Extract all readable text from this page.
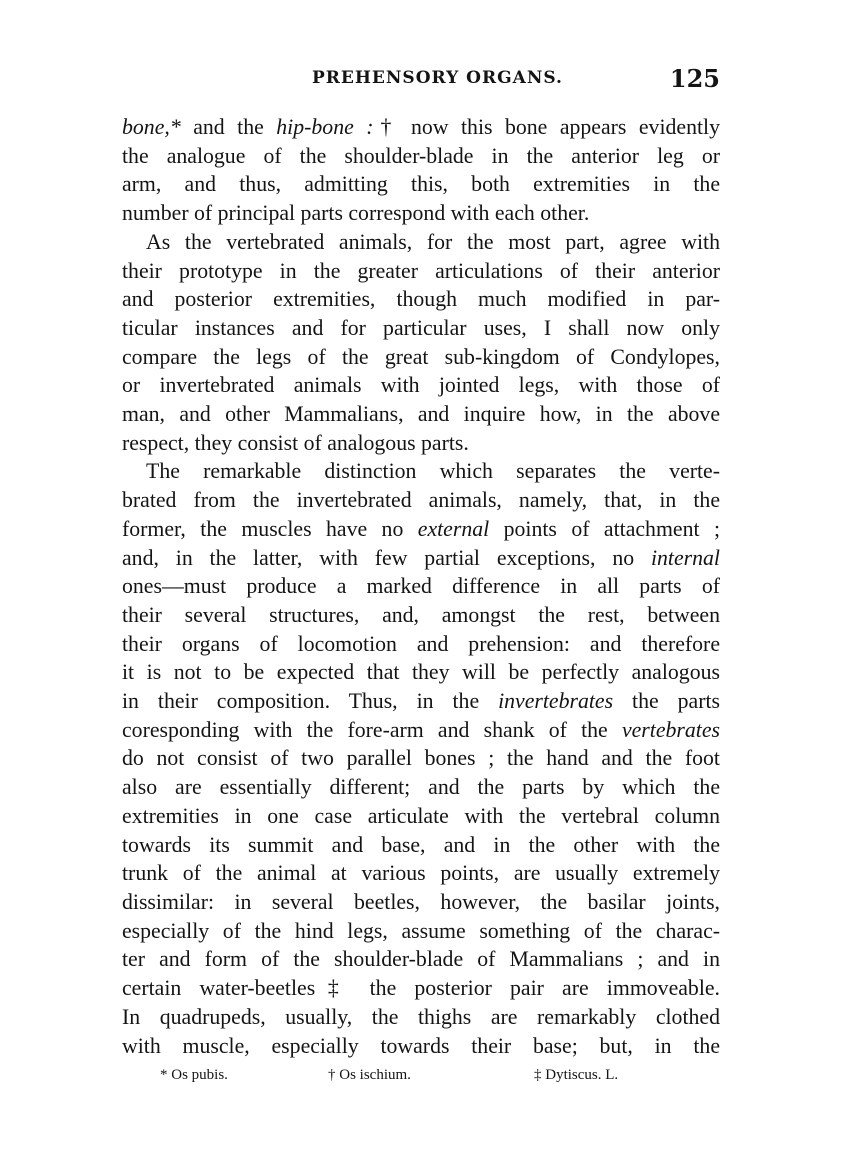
PREHENSORY ORGANS.	125
bone,* and the hip-bone :† now this bone appears evidently
the analogue of the shoulder-blade in the anterior leg or
arm, and thus, admitting this, both extremities in the
number of principal parts correspond with each other.
As the vertebrated animals, for the most part, agree with
their prototype in the greater articulations of their anterior
and posterior extremities, though much modified in par-
ticular instances and for particular uses, I shall now only
compare the legs of the great sub-kingdom of Condylopes,
or invertebrated animals with jointed legs, with those of
man, and other Mammalians, and inquire how, in the above
respect, they consist of analogous parts.
The remarkable distinction which separates the verte-
brated from the invertebrated animals, namely, that, in the
former, the muscles have no external points of attachment ;
and, in the latter, with few partial exceptions, no internal
ones—must produce a marked difference in all parts of
their several structures, and, amongst the rest, between
their organs of locomotion and prehension: and therefore
it is not to be expected that they will be perfectly analogous
in their composition. Thus, in the invertebrates the parts
coresponding with the fore-arm and shank of the vertebrates
do not consist of two parallel bones ; the hand and the foot
also are essentially different; and the parts by which the
extremities in one case articulate with the vertebral column
towards its summit and base, and in the other with the
trunk of the animal at various points, are usually extremely
dissimilar: in several beetles, however, the basilar joints,
especially of the hind legs, assume something of the charac-
ter and form of the shoulder-blade of Mammalians ; and in
certain water-beetles‡ the posterior pair are immoveable.
In quadrupeds, usually, the thighs are remarkably clothed
with muscle, especially towards their base; but, in the
* Os pubis.	† Os ischium.	‡ Dytiscus. L.
